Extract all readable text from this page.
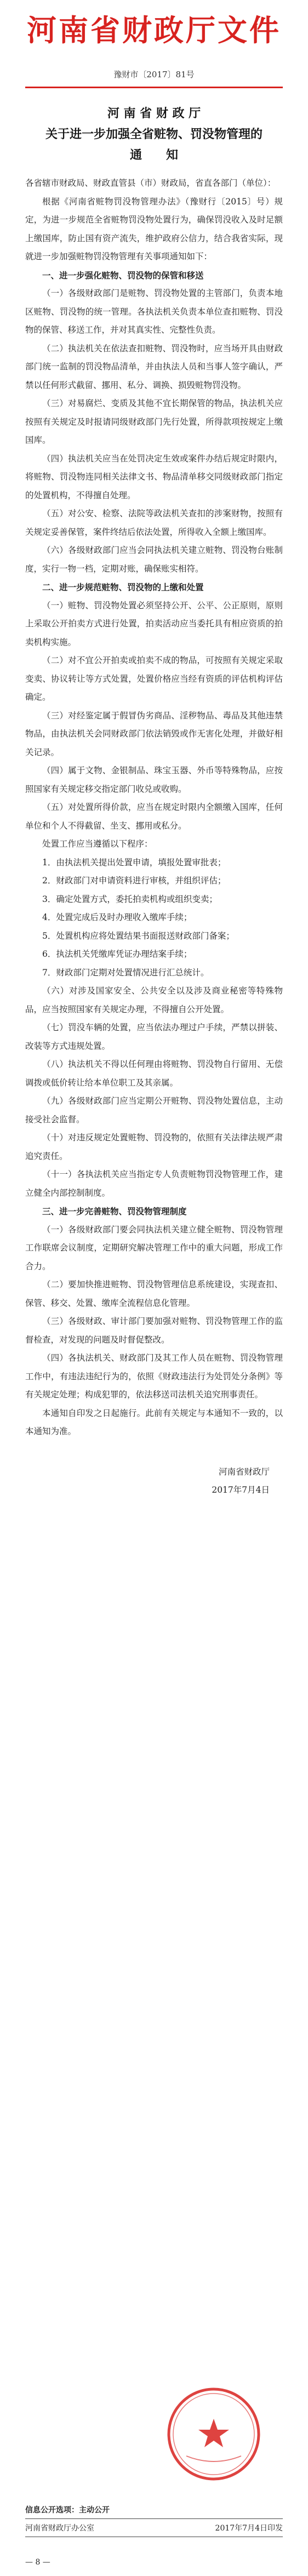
河南省财政厅文件
豫财市〔2017〕81号
河 南 省 财 政 厅
关于进一步加强全省赃物、罚没物管理的
通　　知

各省辖市财政局、财政直管县（市）财政局，省直各部门（单位）：

根据《河南省赃物罚没物管理办法》（豫财行〔2015〕号）规定，为进一步规范全省赃物罚没物处置行为，确保罚没收入及时足额上缴国库，防止国有资产流失，维护政府公信力，结合我省实际，现就进一步加强赃物罚没物管理有关事项通知如下：

一、进一步强化赃物、罚没物的保管和移送

（一）各级财政部门是赃物、罚没物处置的主管部门，负责本地区赃物、罚没物的统一管理。各执法机关负责本单位查扣赃物、罚没物的保管、移送工作，并对其真实性、完整性负责。

（二）执法机关在依法查扣赃物、罚没物时，应当场开具由财政部门统一监制的罚没物品清单，并由执法人员和当事人签字确认，严禁以任何形式截留、挪用、私分、调换、损毁赃物罚没物。

（三）对易腐烂、变质及其他不宜长期保管的物品，执法机关应按照有关规定及时报请同级财政部门先行处置，所得款项按规定上缴国库。

（四）执法机关应当在处罚决定生效或案件办结后规定时限内，将赃物、罚没物连同相关法律文书、物品清单移交同级财政部门指定的处置机构，不得擅自处理。

（五）对公安、检察、法院等政法机关查扣的涉案财物，按照有关规定妥善保管，案件终结后依法处置，所得收入全额上缴国库。

（六）各级财政部门应当会同执法机关建立赃物、罚没物台账制度，实行一物一档，定期对账，确保账实相符。

二、进一步规范赃物、罚没物的上缴和处置

（一）赃物、罚没物处置必须坚持公开、公平、公正原则，原则上采取公开拍卖方式进行处置，拍卖活动应当委托具有相应资质的拍卖机构实施。

（二）对不宜公开拍卖或拍卖不成的物品，可按照有关规定采取变卖、协议转让等方式处置，处置价格应当经有资质的评估机构评估确定。

（三）对经鉴定属于假冒伪劣商品、淫秽物品、毒品及其他违禁物品，由执法机关会同财政部门依法销毁或作无害化处理，并做好相关记录。

（四）属于文物、金银制品、珠宝玉器、外币等特殊物品，应按照国家有关规定移交指定部门收兑或收购。

（五）对处置所得价款，应当在规定时限内全额缴入国库，任何单位和个人不得截留、坐支、挪用或私分。

处置工作应当遵循以下程序：

1．由执法机关提出处置申请，填报处置审批表；

2．财政部门对申请资料进行审核，并组织评估；

3．确定处置方式，委托拍卖机构或组织变卖；

4．处置完成后及时办理收入缴库手续；

5．处置机构应将处置结果书面报送财政部门备案；

6．执法机关凭缴库凭证办理结案手续；

7．财政部门定期对处置情况进行汇总统计。

（六）对涉及国家安全、公共安全以及涉及商业秘密等特殊物品，应当按照国家有关规定办理，不得擅自公开处置。

（七）罚没车辆的处置，应当依法办理过户手续，严禁以拼装、改装等方式违规处置。

（八）执法机关不得以任何理由将赃物、罚没物自行留用、无偿调拨或低价转让给本单位职工及其亲属。

（九）各级财政部门应当定期公开赃物、罚没物处置信息，主动接受社会监督。

（十）对违反规定处置赃物、罚没物的，依照有关法律法规严肃追究责任。

（十一）各执法机关应当指定专人负责赃物罚没物管理工作，建立健全内部控制制度。

三、进一步完善赃物、罚没物管理制度

（一）各级财政部门要会同执法机关建立健全赃物、罚没物管理工作联席会议制度，定期研究解决管理工作中的重大问题，形成工作合力。

（二）要加快推进赃物、罚没物管理信息系统建设，实现查扣、保管、移交、处置、缴库全流程信息化管理。

（三）各级财政、审计部门要加强对赃物、罚没物管理工作的监督检查，对发现的问题及时督促整改。

（四）各执法机关、财政部门及其工作人员在赃物、罚没物管理工作中，有违法违纪行为的，依照《财政违法行为处罚处分条例》等有关规定处理；构成犯罪的，依法移送司法机关追究刑事责任。

本通知自印发之日起施行。此前有关规定与本通知不一致的，以本通知为准。

河南省财政厅

2017年7月4日

信息公开选项：主动公开
河南省财政厅办公室	2017年7月4日印发
— 8 —
